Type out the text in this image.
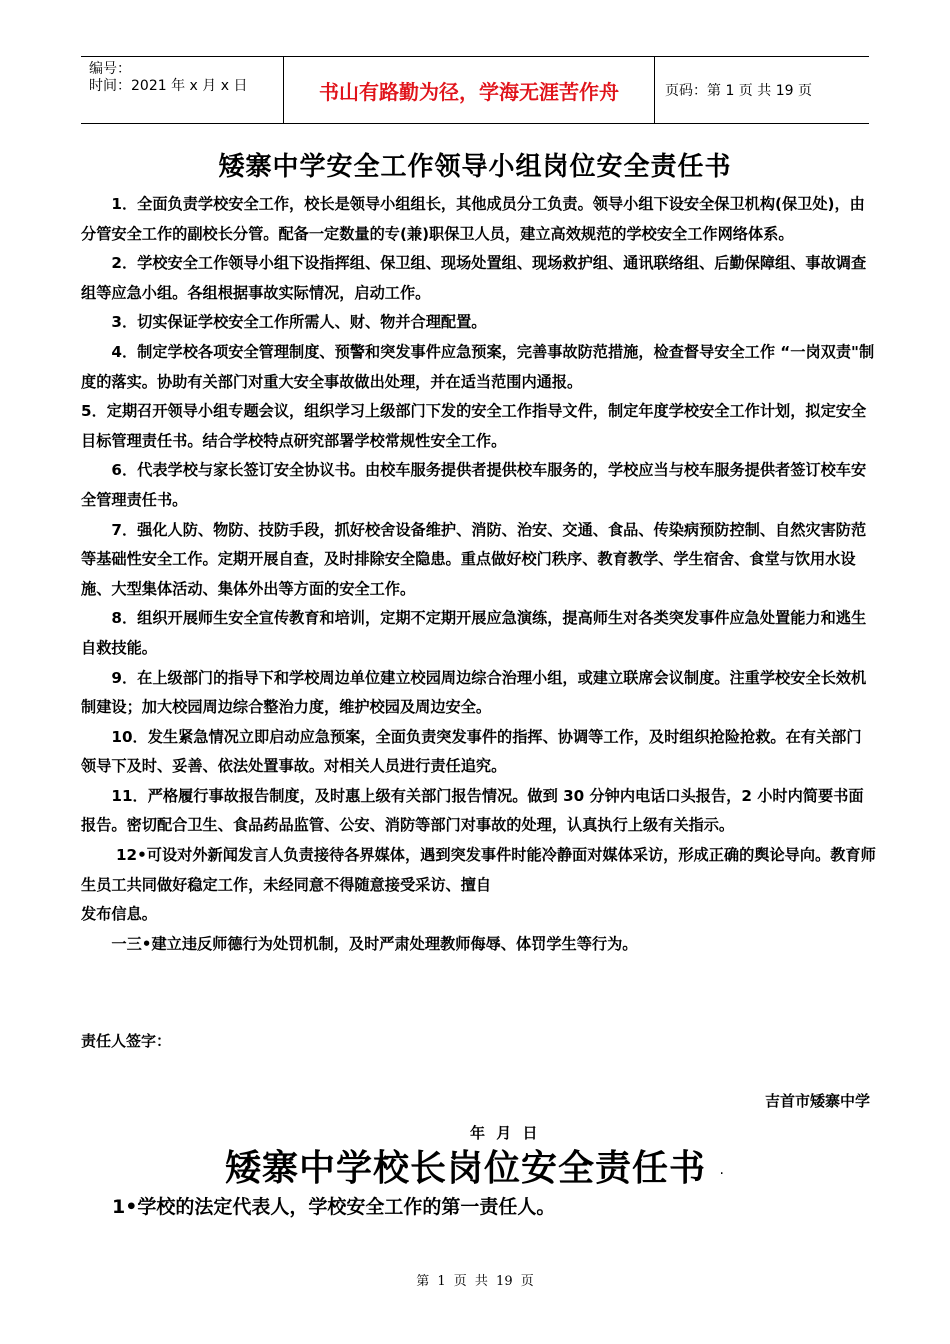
编号：
时间：2021 年 x 月 x 日	书山有路勤为径，学海无涯苦作舟	页码：第 1 页 共 19 页
矮寨中学安全工作领导小组岗位安全责任书

1．全面负责学校安全工作，校长是领导小组组长，其他成员分工负责。领导小组下设安全保卫机构(保卫处)，由分管安全工作的副校长分管。配备一定数量的专(兼)职保卫人员，建立高效规范的学校安全工作网络体系。

2．学校安全工作领导小组下设指挥组、保卫组、现场处置组、现场救护组、通讯联络组、后勤保障组、事故调查组等应急小组。各组根据事故实际情况，启动工作。

3．切实保证学校安全工作所需人、财、物并合理配置。

4．制定学校各项安全管理制度、预警和突发事件应急预案，完善事故防范措施，检查督导安全工作 “一岗双责"制度的落实。协助有关部门对重大安全事故做出处理，并在适当范围内通报。

5．定期召开领导小组专题会议，组织学习上级部门下发的安全工作指导文件，制定年度学校安全工作计划，拟定安全目标管理责任书。结合学校特点研究部署学校常规性安全工作。

6．代表学校与家长签订安全协议书。由校车服务提供者提供校车服务的，学校应当与校车服务提供者签订校车安全管理责任书。

7．强化人防、物防、技防手段，抓好校舍设备维护、消防、治安、交通、食品、传染病预防控制、自然灾害防范等基础性安全工作。定期开展自查，及时排除安全隐患。重点做好校门秩序、教育教学、学生宿舍、食堂与饮用水设施、大型集体活动、集体外出等方面的安全工作。

8．组织开展师生安全宣传教育和培训，定期不定期开展应急演练，提高师生对各类突发事件应急处置能力和逃生自救技能。

9．在上级部门的指导下和学校周边单位建立校园周边综合治理小组，或建立联席会议制度。注重学校安全长效机制建设；加大校园周边综合整治力度，维护校园及周边安全。

10．发生紧急情况立即启动应急预案，全面负责突发事件的指挥、协调等工作，及时组织抢险抢救。在有关部门领导下及时、妥善、依法处置事故。对相关人员进行责任追究。

11．严格履行事故报告制度，及时惠上级有关部门报告情况。做到 30 分钟内电话口头报告，2 小时内简要书面报告。密切配合卫生、食品药品监管、公安、消防等部门对事故的处理，认真执行上级有关指示。

12•可设对外新闻发言人负责接待各界媒体，遇到突发事件时能冷静面对媒体采访，形成正确的舆论导向。教育师生员工共同做好稳定工作，未经同意不得随意接受采访、擅自

发布信息。

一三•建立违反师德行为处罚机制，及时严肃处理教师侮辱、体罚学生等行为。

责任人签字：
吉首市矮寨中学
年 月 日
矮寨中学校长岗位安全责任书 .
1•学校的法定代表人，学校安全工作的第一责任人。
第 1 页 共 19 页
